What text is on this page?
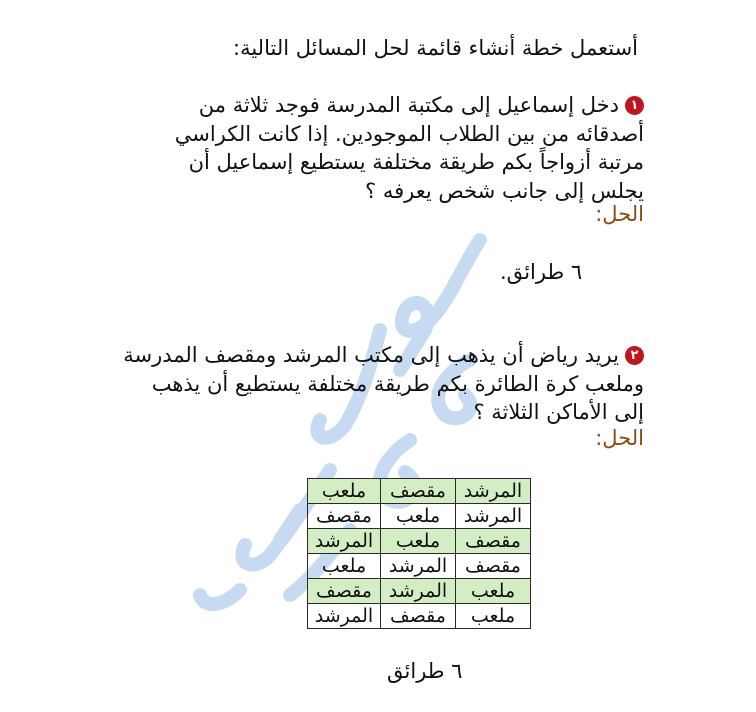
أستعمل خطة أنشاء قائمة لحل المسائل التالية:
١دخل إسماعيل إلى مكتبة المدرسة فوجد ثلاثة من
أصدقائه من بين الطلاب الموجودين. إذا كانت الكراسي
مرتبة أزواجاً بكم طريقة مختلفة يستطيع إسماعيل أن
يجلس إلى جانب شخص يعرفه ؟
الحل:
٦ طرائق.
٢يريد رياض أن يذهب إلى مكتب المرشد ومقصف المدرسة
وملعب كرة الطائرة بكم طريقة مختلفة يستطيع أن يذهب
إلى الأماكن الثلاثة ؟
الحل:
المرشد	مقصف	ملعب
المرشد	ملعب	مقصف
مقصف	ملعب	المرشد
مقصف	المرشد	ملعب
ملعب	المرشد	مقصف
ملعب	مقصف	المرشد
٦ طرائق
